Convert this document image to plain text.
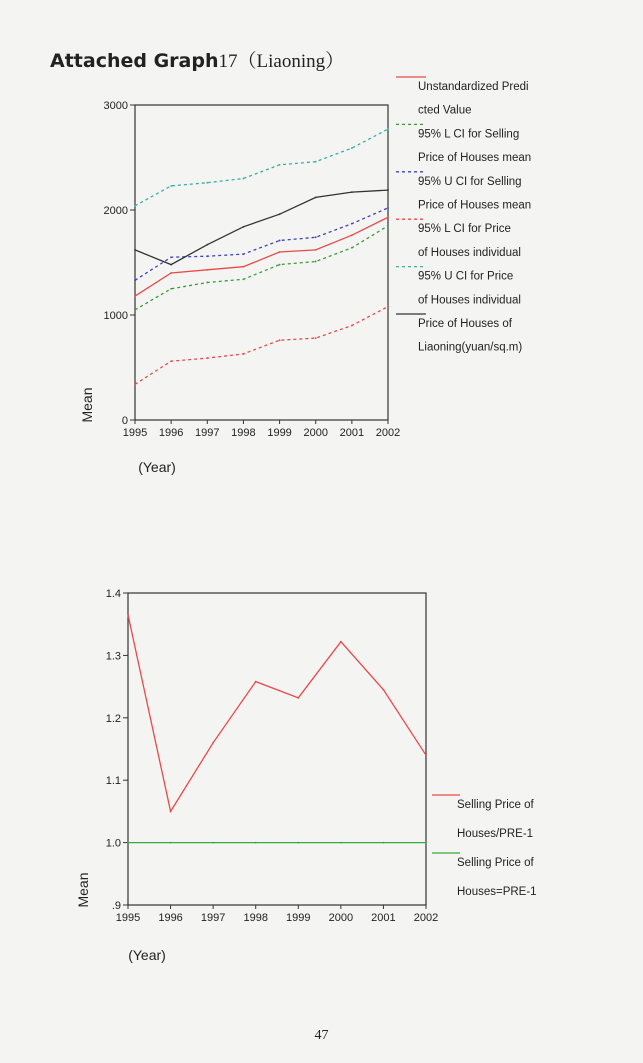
Attached Graph17（Liaoning）
0
1000
2000
3000
1995 1996 1997 1998 1999 2000 2001 2002
(Year)
Mean
Unstandardized Predi
cted Value
95% L CI for Selling
Price of Houses mean
95% U CI for Selling
Price of Houses mean
95% L CI for Price
of Houses individual
95% U CI for Price
of Houses individual
Price of Houses of
Liaoning(yuan/sq.m)
.9
1.0
1.1
1.2
1.3
1.4
1995 1996 1997 1998 1999 2000 2001 2002
(Year)
Mean
Selling Price of
Houses/PRE-1
Selling Price of
Houses=PRE-1
47
